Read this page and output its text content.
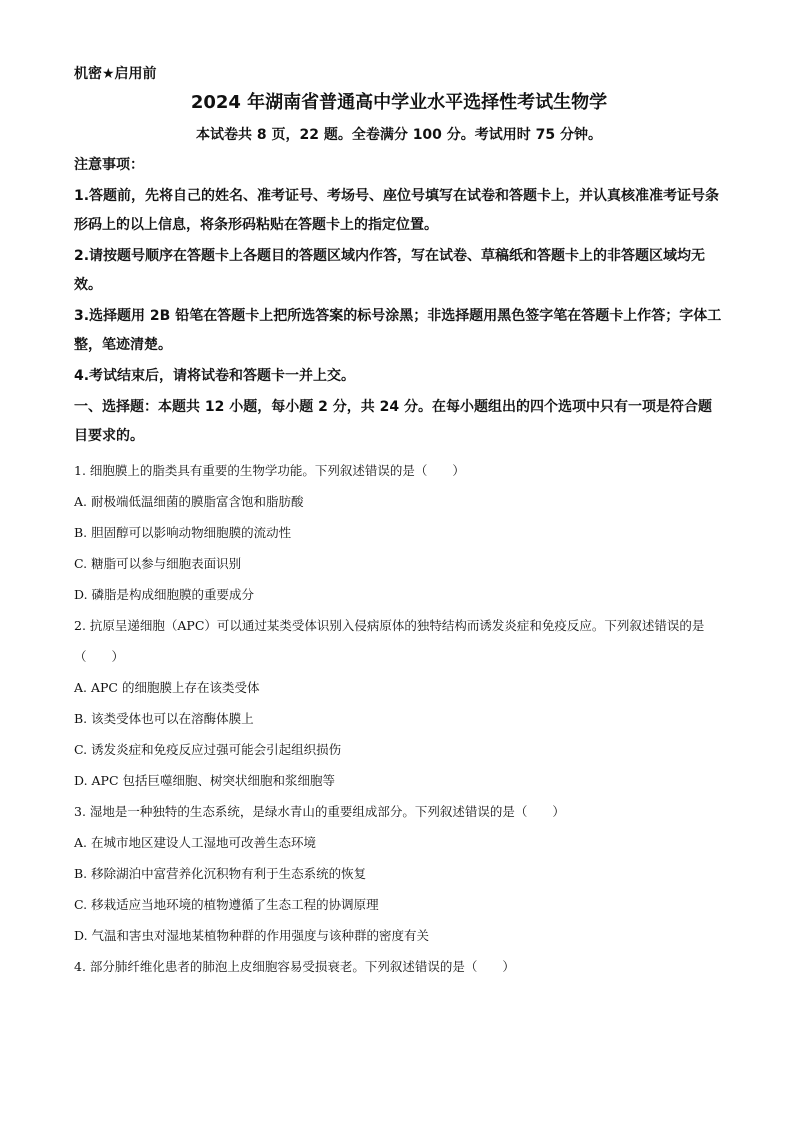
机密★启用前
2024 年湖南省普通高中学业水平选择性考试生物学
本试卷共 8 页，22 题。全卷满分 100 分。考试用时 75 分钟。
注意事项：
1.答题前，先将自己的姓名、准考证号、考场号、座位号填写在试卷和答题卡上，并认真核准准考证号条形码上的以上信息，将条形码粘贴在答题卡上的指定位置。
2.请按题号顺序在答题卡上各题目的答题区域内作答，写在试卷、草稿纸和答题卡上的非答题区域均无效。
3.选择题用 2B 铅笔在答题卡上把所选答案的标号涂黑；非选择题用黑色签字笔在答题卡上作答；字体工整，笔迹清楚。
4.考试结束后，请将试卷和答题卡一并上交。
一、选择题：本题共 12 小题，每小题 2 分，共 24 分。在每小题组出的四个选项中只有一项是符合题目要求的。
1. 细胞膜上的脂类具有重要的生物学功能。下列叙述错误的是（　　）
A. 耐极端低温细菌的膜脂富含饱和脂肪酸
B. 胆固醇可以影响动物细胞膜的流动性
C. 糖脂可以参与细胞表面识别
D. 磷脂是构成细胞膜的重要成分
2. 抗原呈递细胞（APC）可以通过某类受体识别入侵病原体的独特结构而诱发炎症和免疫反应。下列叙述错误的是（　　）
A. APC 的细胞膜上存在该类受体
B. 该类受体也可以在溶酶体膜上
C. 诱发炎症和免疫反应过强可能会引起组织损伤
D. APC 包括巨噬细胞、树突状细胞和浆细胞等
3. 湿地是一种独特的生态系统，是绿水青山的重要组成部分。下列叙述错误的是（　　）
A. 在城市地区建设人工湿地可改善生态环境
B. 移除湖泊中富营养化沉积物有利于生态系统的恢复
C. 移栽适应当地环境的植物遵循了生态工程的协调原理
D. 气温和害虫对湿地某植物种群的作用强度与该种群的密度有关
4. 部分肺纤维化患者的肺泡上皮细胞容易受损衰老。下列叙述错误的是（　　）
